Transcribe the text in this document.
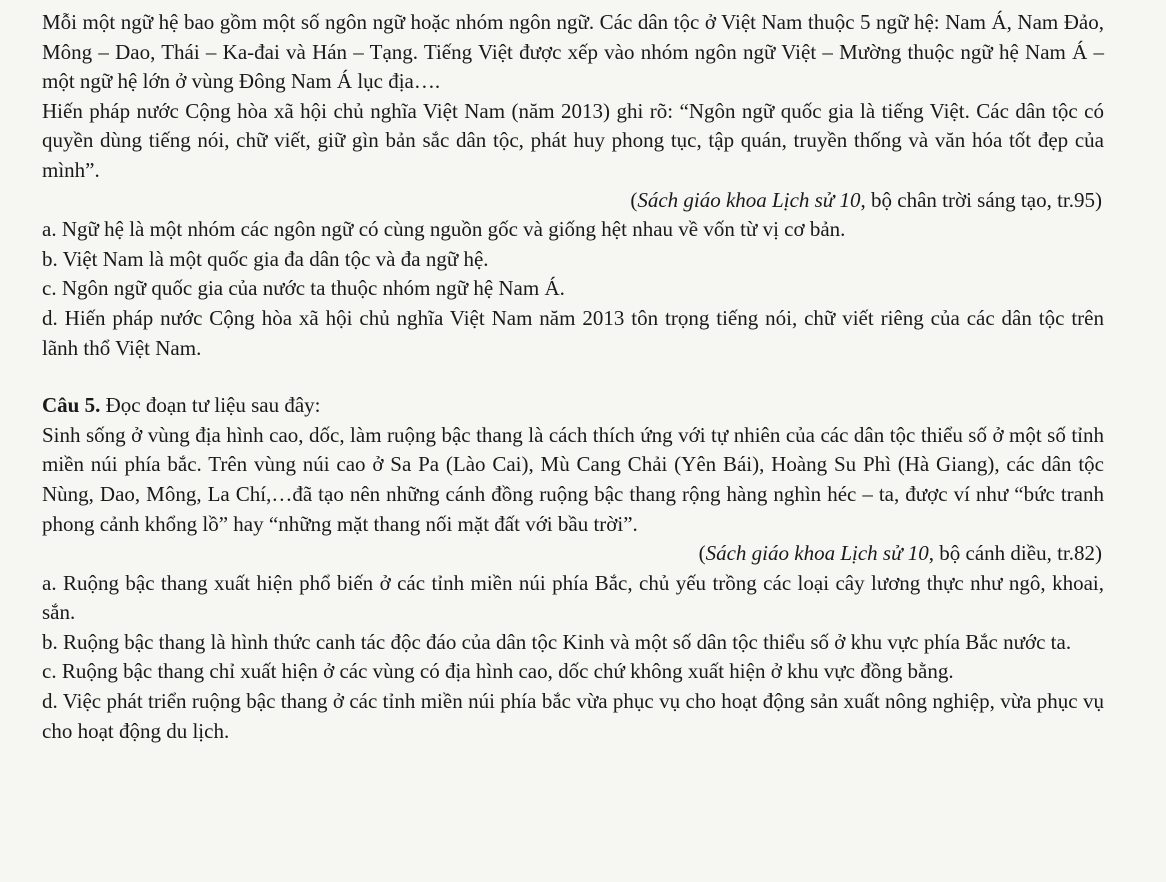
Mỗi một ngữ hệ bao gồm một số ngôn ngữ hoặc nhóm ngôn ngữ. Các dân tộc ở Việt Nam thuộc 5 ngữ hệ: Nam Á, Nam Đảo, Mông – Dao, Thái – Ka-đai và Hán – Tạng. Tiếng Việt được xếp vào nhóm ngôn ngữ Việt – Mường thuộc ngữ hệ Nam Á – một ngữ hệ lớn ở vùng Đông Nam Á lục địa….

Hiến pháp nước Cộng hòa xã hội chủ nghĩa Việt Nam (năm 2013) ghi rõ: “Ngôn ngữ quốc gia là tiếng Việt. Các dân tộc có quyền dùng tiếng nói, chữ viết, giữ gìn bản sắc dân tộc, phát huy phong tục, tập quán, truyền thống và văn hóa tốt đẹp của mình”.

(Sách giáo khoa Lịch sử 10, bộ chân trời sáng tạo, tr.95)

a. Ngữ hệ là một nhóm các ngôn ngữ có cùng nguồn gốc và giống hệt nhau về vốn từ vị cơ bản.

b. Việt Nam là một quốc gia đa dân tộc và đa ngữ hệ.

c. Ngôn ngữ quốc gia của nước ta thuộc nhóm ngữ hệ Nam Á.

d. Hiến pháp nước Cộng hòa xã hội chủ nghĩa Việt Nam năm 2013 tôn trọng tiếng nói, chữ viết riêng của các dân tộc trên lãnh thổ Việt Nam.

Câu 5. Đọc đoạn tư liệu sau đây:

Sinh sống ở vùng địa hình cao, dốc, làm ruộng bậc thang là cách thích ứng với tự nhiên của các dân tộc thiểu số ở một số tỉnh miền núi phía bắc. Trên vùng núi cao ở Sa Pa (Lào Cai), Mù Cang Chải (Yên Bái), Hoàng Su Phì (Hà Giang), các dân tộc Nùng, Dao, Mông, La Chí,…đã tạo nên những cánh đồng ruộng bậc thang rộng hàng nghìn héc – ta, được ví như “bức tranh phong cảnh khổng lồ” hay “những mặt thang nối mặt đất với bầu trời”.

(Sách giáo khoa Lịch sử 10, bộ cánh diều, tr.82)

a. Ruộng bậc thang xuất hiện phổ biến ở các tỉnh miền núi phía Bắc, chủ yếu trồng các loại cây lương thực như ngô, khoai, sắn.

b. Ruộng bậc thang là hình thức canh tác độc đáo của dân tộc Kinh và một số dân tộc thiểu số ở khu vực phía Bắc nước ta.

c. Ruộng bậc thang chỉ xuất hiện ở các vùng có địa hình cao, dốc chứ không xuất hiện ở khu vực đồng bằng.

d. Việc phát triển ruộng bậc thang ở các tỉnh miền núi phía bắc vừa phục vụ cho hoạt động sản xuất nông nghiệp, vừa phục vụ cho hoạt động du lịch.
